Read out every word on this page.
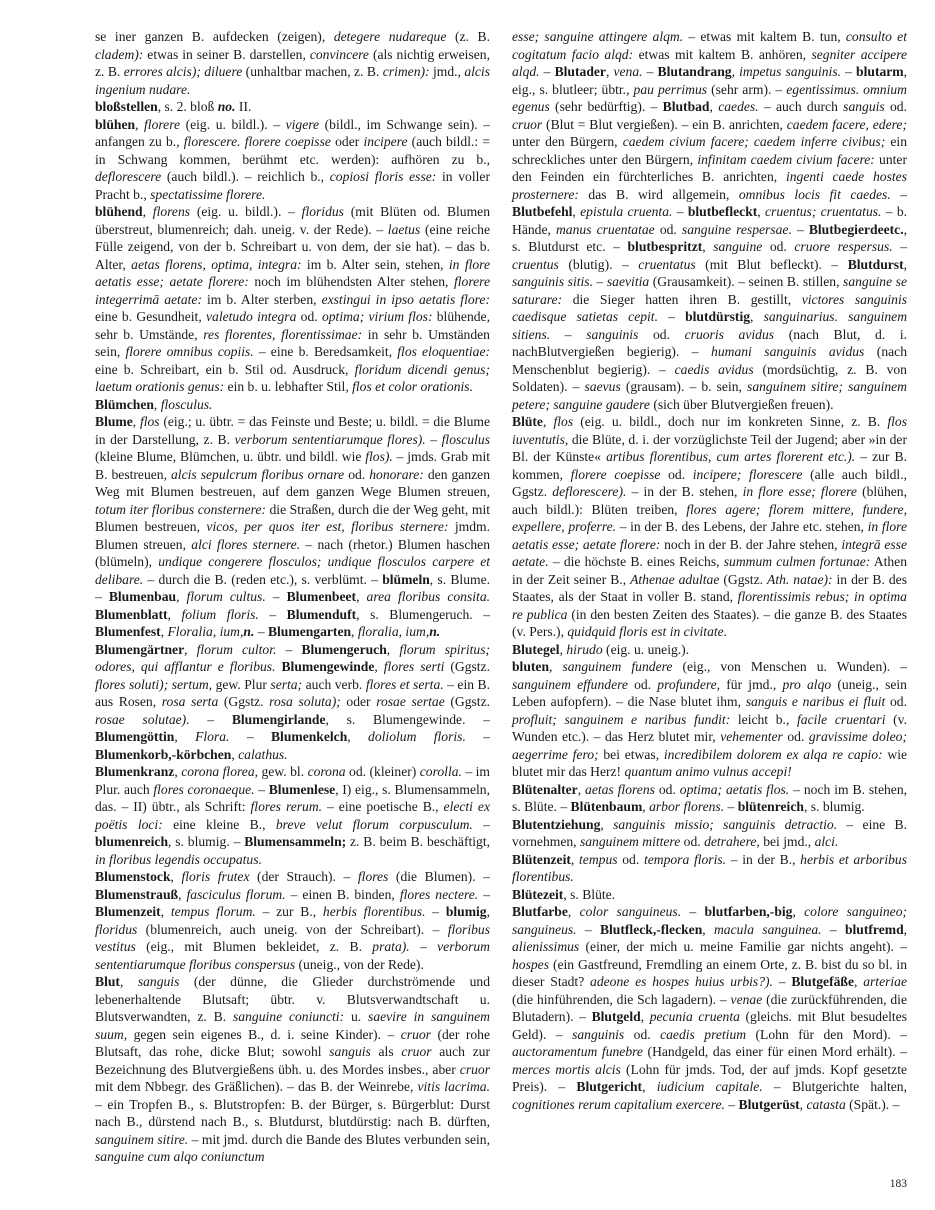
se iner ganzen B. aufdecken (zeigen), detegere nudareque (z. B. cladem): etwas in seiner B. darstellen, convincere (als nichtig erweisen, z. B. errores alcis); diluere (unhaltbar machen, z. B. crimen): jmd., alcis ingenium nudare.

bloßstellen, s. 2. bloß no. II.

blühen, florere (eig. u. bildl.). – vigere (bildl., im Schwange sein). – anfangen zu b., florescere. florere coepisse oder incipere (auch bildl.: = in Schwang kommen, berühmt etc. werden): aufhören zu b., deflorescere (auch bildl.). – reichlich b., copiosi floris esse: in voller Pracht b., spectatissime florere.

blühend, florens (eig. u. bildl.). – floridus (mit Blüten od. Blumen überstreut, blumenreich; dah. uneig. v. der Rede). – laetus (eine reiche Fülle zeigend, von der b. Schreibart u. von dem, der sie hat). – das b. Alter, aetas florens, optima, integra: im b. Alter sein, stehen, in flore aetatis esse; aetate florere: noch im blühendsten Alter stehen, florere integerrimā aetate: im b. Alter sterben, exstingui in ipso aetatis flore: eine b. Gesundheit, valetudo integra od. optima; virium flos: blühende, sehr b. Umstände, res florentes, florentissimae: in sehr b. Umständen sein, florere omnibus copiis. – eine b. Beredsamkeit, flos eloquentiae: eine b. Schreibart, ein b. Stil od. Ausdruck, floridum dicendi genus; laetum orationis genus: ein b. u. lebhafter Stil, flos et color orationis.

Blümchen, flosculus.

Blume, flos (eig.; u. übtr. = das Feinste und Beste; u. bildl. = die Blume in der Darstellung, z. B. verborum sententiarumque flores). – flosculus (kleine Blume, Blümchen, u. übtr. und bildl. wie flos). – jmds. Grab mit B. bestreuen, alcis sepulcrum floribus ornare od. honorare: den ganzen Weg mit Blumen bestreuen, auf dem ganzen Wege Blumen streuen, totum iter floribus consternere: die Straßen, durch die der Weg geht, mit Blumen bestreuen, vicos, per quos iter est, floribus sternere: jmdm. Blumen streuen, alci flores sternere. – nach (rhetor.) Blumen haschen (blümeln), undique congerere flosculos; undique flosculos carpere et delibare. – durch die B. (reden etc.), s. verblümt. – blümeln, s. Blume. – Blumenbau, florum cultus. – Blumenbeet, area floribus consita. Blumenblatt, folium floris. – Blumenduft, s. Blumengeruch. – Blumenfest, Floralia, ium,n. – Blumengarten, floralia, ium,n.

Blumengärtner, florum cultor. – Blumengeruch, florum spiritus; odores, qui afflantur e floribus. Blumengewinde, flores serti (Ggstz. flores soluti); sertum, gew. Plur serta; auch verb. flores et serta. – ein B. aus Rosen, rosa serta (Ggstz. rosa soluta); oder rosae sertae (Ggstz. rosae solutae). – Blumengirlande, s. Blumengewinde. – Blumengöttin, Flora. – Blumenkelch, doliolum floris. – Blumenkorb,-körbchen, calathus.

Blumenkranz, corona florea, gew. bl. corona od. (kleiner) corolla. – im Plur. auch flores coronaeque. – Blumenlese, I) eig., s. Blumensammeln, das. – II) übtr., als Schrift: flores rerum. – eine poetische B., electi ex poëtis loci: eine kleine B., breve velut florum corpusculum. – blumenreich, s. blumig. – Blumensammeln; z. B. beim B. beschäftigt, in floribus legendis occupatus.

Blumenstock, floris frutex (der Strauch). – flores (die Blumen). – Blumenstrauß, fasciculus florum. – einen B. binden, flores nectere. – Blumenzeit, tempus florum. – zur B., herbis florentibus. – blumig, floridus (blumenreich, auch uneig. von der Schreibart). – floribus vestitus (eig., mit Blumen bekleidet, z. B. prata). – verborum sententiarumque floribus conspersus (uneig., von der Rede).

Blut, sanguis (der dünne, die Glieder durchströmende und lebenerhaltende Blutsaft; übtr. v. Blutsverwandtschaft u. Blutsverwandten, z. B. sanguine coniuncti: u. saevire in sanguinem suum, gegen sein eigenes B., d. i. seine Kinder). – cruor (der rohe Blutsaft, das rohe, dicke Blut; sowohl sanguis als cruor auch zur Bezeichnung des Blutvergießens übh. u. des Mordes insbes., aber cruor mit dem Nbbegr. des Gräßlichen). – das B. der Weinrebe, vitis lacrima. – ein Tropfen B., s. Blutstropfen: B. der Bürger, s. Bürgerblut: Durst nach B., dürstend nach B., s. Blutdurst, blutdürstig: nach B. dürften, sanguinem sitire. – mit jmd. durch die Bande des Blutes verbunden sein, sanguine cum alqo coniunctum

esse; sanguine attingere alqm. – etwas mit kaltem B. tun, consulto et cogitatum facio alqd: etwas mit kaltem B. anhören, segniter accipere alqd. – Blutader, vena. – Blutandrang, impetus sanguinis. – blutarm, eig., s. blutleer; übtr., pau perrimus (sehr arm). – egentissimus. omnium egenus (sehr bedürftig). – Blutbad, caedes. – auch durch sanguis od. cruor (Blut = Blut vergießen). – ein B. anrichten, caedem facere, edere; unter den Bürgern, caedem civium facere; caedem inferre civibus; ein schreckliches unter den Bürgern, infinitam caedem civium facere: unter den Feinden ein fürchterliches B. anrichten, ingenti caede hostes prosternere: das B. wird allgemein, omnibus locis fit caedes. – Blutbefehl, epistula cruenta. – blutbefleckt, cruentus; cruentatus. – b. Hände, manus cruentatae od. sanguine respersae. – Blutbegierdeetc., s. Blutdurst etc. – blutbespritzt, sanguine od. cruore respersus. – cruentus (blutig). – cruentatus (mit Blut befleckt). – Blutdurst, sanguinis sitis. – saevitia (Grausamkeit). – seinen B. stillen, sanguine se saturare: die Sieger hatten ihren B. gestillt, victores sanguinis caedisque satietas cepit. – blutdürstig, sanguinarius. sanguinem sitiens. – sanguinis od. cruoris avidus (nach Blut, d. i. nachBlutvergießen begierig). – humani sanguinis avidus (nach Menschenblut begierig). – caedis avidus (mordsüchtig, z. B. von Soldaten). – saevus (grausam). – b. sein, sanguinem sitire; sanguinem petere; sanguine gaudere (sich über Blutvergießen freuen).

Blüte, flos (eig. u. bildl., doch nur im konkreten Sinne, z. B. flos iuventutis, die Blüte, d. i. der vorzüglichste Teil der Jugend; aber »in der Bl. der Künste« artibus florentibus, cum artes florerent etc.). – zur B. kommen, florere coepisse od. incipere; florescere (alle auch bildl., Ggstz. deflorescere). – in der B. stehen, in flore esse; florere (blühen, auch bildl.): Blüten treiben, flores agere; florem mittere, fundere, expellere, proferre. – in der B. des Lebens, der Jahre etc. stehen, in flore aetatis esse; aetate florere: noch in der B. der Jahre stehen, integrā esse aetate. – die höchste B. eines Reichs, summum culmen fortunae: Athen in der Zeit seiner B., Athenae adultae (Ggstz. Ath. natae): in der B. des Staates, als der Staat in voller B. stand, florentissimis rebus; in optima re publica (in den besten Zeiten des Staates). – die ganze B. des Staates (v. Pers.), quidquid floris est in civitate.

Blutegel, hirudo (eig. u. uneig.).

bluten, sanguinem fundere (eig., von Menschen u. Wunden). – sanguinem effundere od. profundere, für jmd., pro alqo (uneig., sein Leben aufopfern). – die Nase blutet ihm, sanguis e naribus ei fluit od. profluit; sanguinem e naribus fundit: leicht b., facile cruentari (v. Wunden etc.). – das Herz blutet mir, vehementer od. gravissime doleo; aegerrime fero; bei etwas, incredibilem dolorem ex alqa re capio: wie blutet mir das Herz! quantum animo vulnus accepi!

Blütenalter, aetas florens od. optima; aetatis flos. – noch im B. stehen, s. Blüte. – Blütenbaum, arbor florens. – blütenreich, s. blumig.

Blutentziehung, sanguinis missio; sanguinis detractio. – eine B. vornehmen, sanguinem mittere od. detrahere, bei jmd., alci.

Blütenzeit, tempus od. tempora floris. – in der B., herbis et arboribus florentibus.

Blütezeit, s. Blüte.

Blutfarbe, color sanguineus. – blutfarben,-big, colore sanguineo; sanguineus. – Blutfleck,-flecken, macula sanguinea. – blutfremd, alienissimus (einer, der mich u. meine Familie gar nichts angeht). – hospes (ein Gastfreund, Fremdling an einem Orte, z. B. bist du so bl. in dieser Stadt? adeone es hospes huius urbis?). – Blutgefäße, arteriae (die hinführenden, die Sch lagadern). – venae (die zurückführenden, die Blutadern). – Blutgeld, pecunia cruenta (gleichs. mit Blut besudeltes Geld). – sanguinis od. caedis pretium (Lohn für den Mord). – auctoramentum funebre (Handgeld, das einer für einen Mord erhält). – merces mortis alcis (Lohn für jmds. Tod, der auf jmds. Kopf gesetzte Preis). – Blutgericht, iudicium capitale. – Blutgerichte halten, cognitiones rerum capitalium exercere. – Blutgerüst, catasta (Spät.). –

183
